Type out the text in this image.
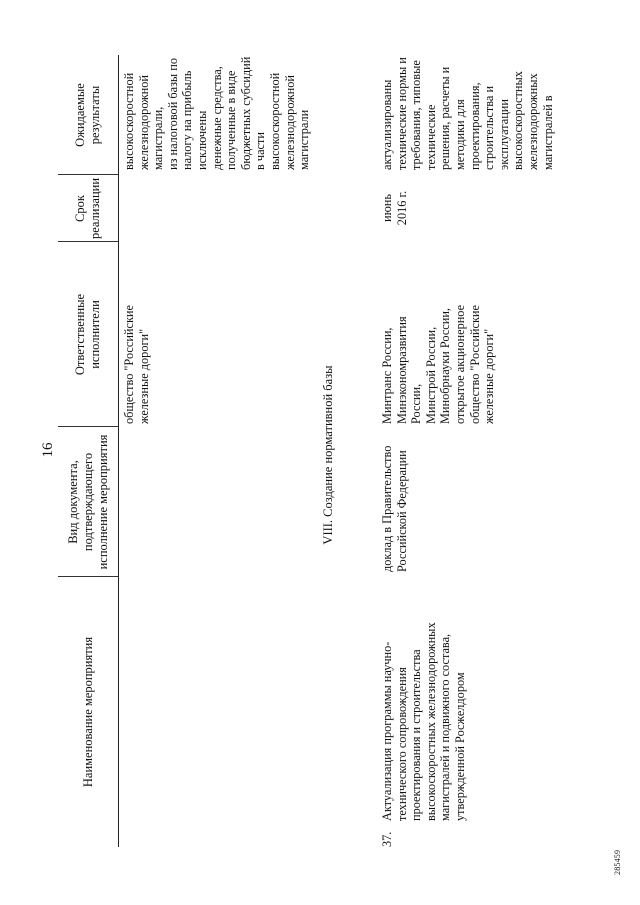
16
Наименование мероприятия
Вид документа, подтверждающего исполнение мероприятия
Ответственные исполнители
Срок реализации
Ожидаемые результаты
общество "Российские железные дороги"
высокоскоростной железнодорожной магистрали, из налоговой базы по налогу на прибыль исключены денежные средства, полученные в виде бюджетных субсидий в части высокоскоростной железнодорожной магистрали
VIII. Создание нормативной базы
37.
Актуализация программы научно- технического сопровождения проектирования и строительства высокоскоростных железнодорожных магистралей и подвижного состава, утвержденной Росжелдором
доклад в Правительство Российской Федерации
Минтранс России, Минэкономразвития России, Минстрой России, Минобрнауки России, открытое акционерное общество "Российские железные дороги"
июнь 2016 г.
актуализированы технические нормы и требования, типовые технические решения, расчеты и методики для проектирования, строительства и эксплуатации высокоскоростных железнодорожных магистралей в
285459
